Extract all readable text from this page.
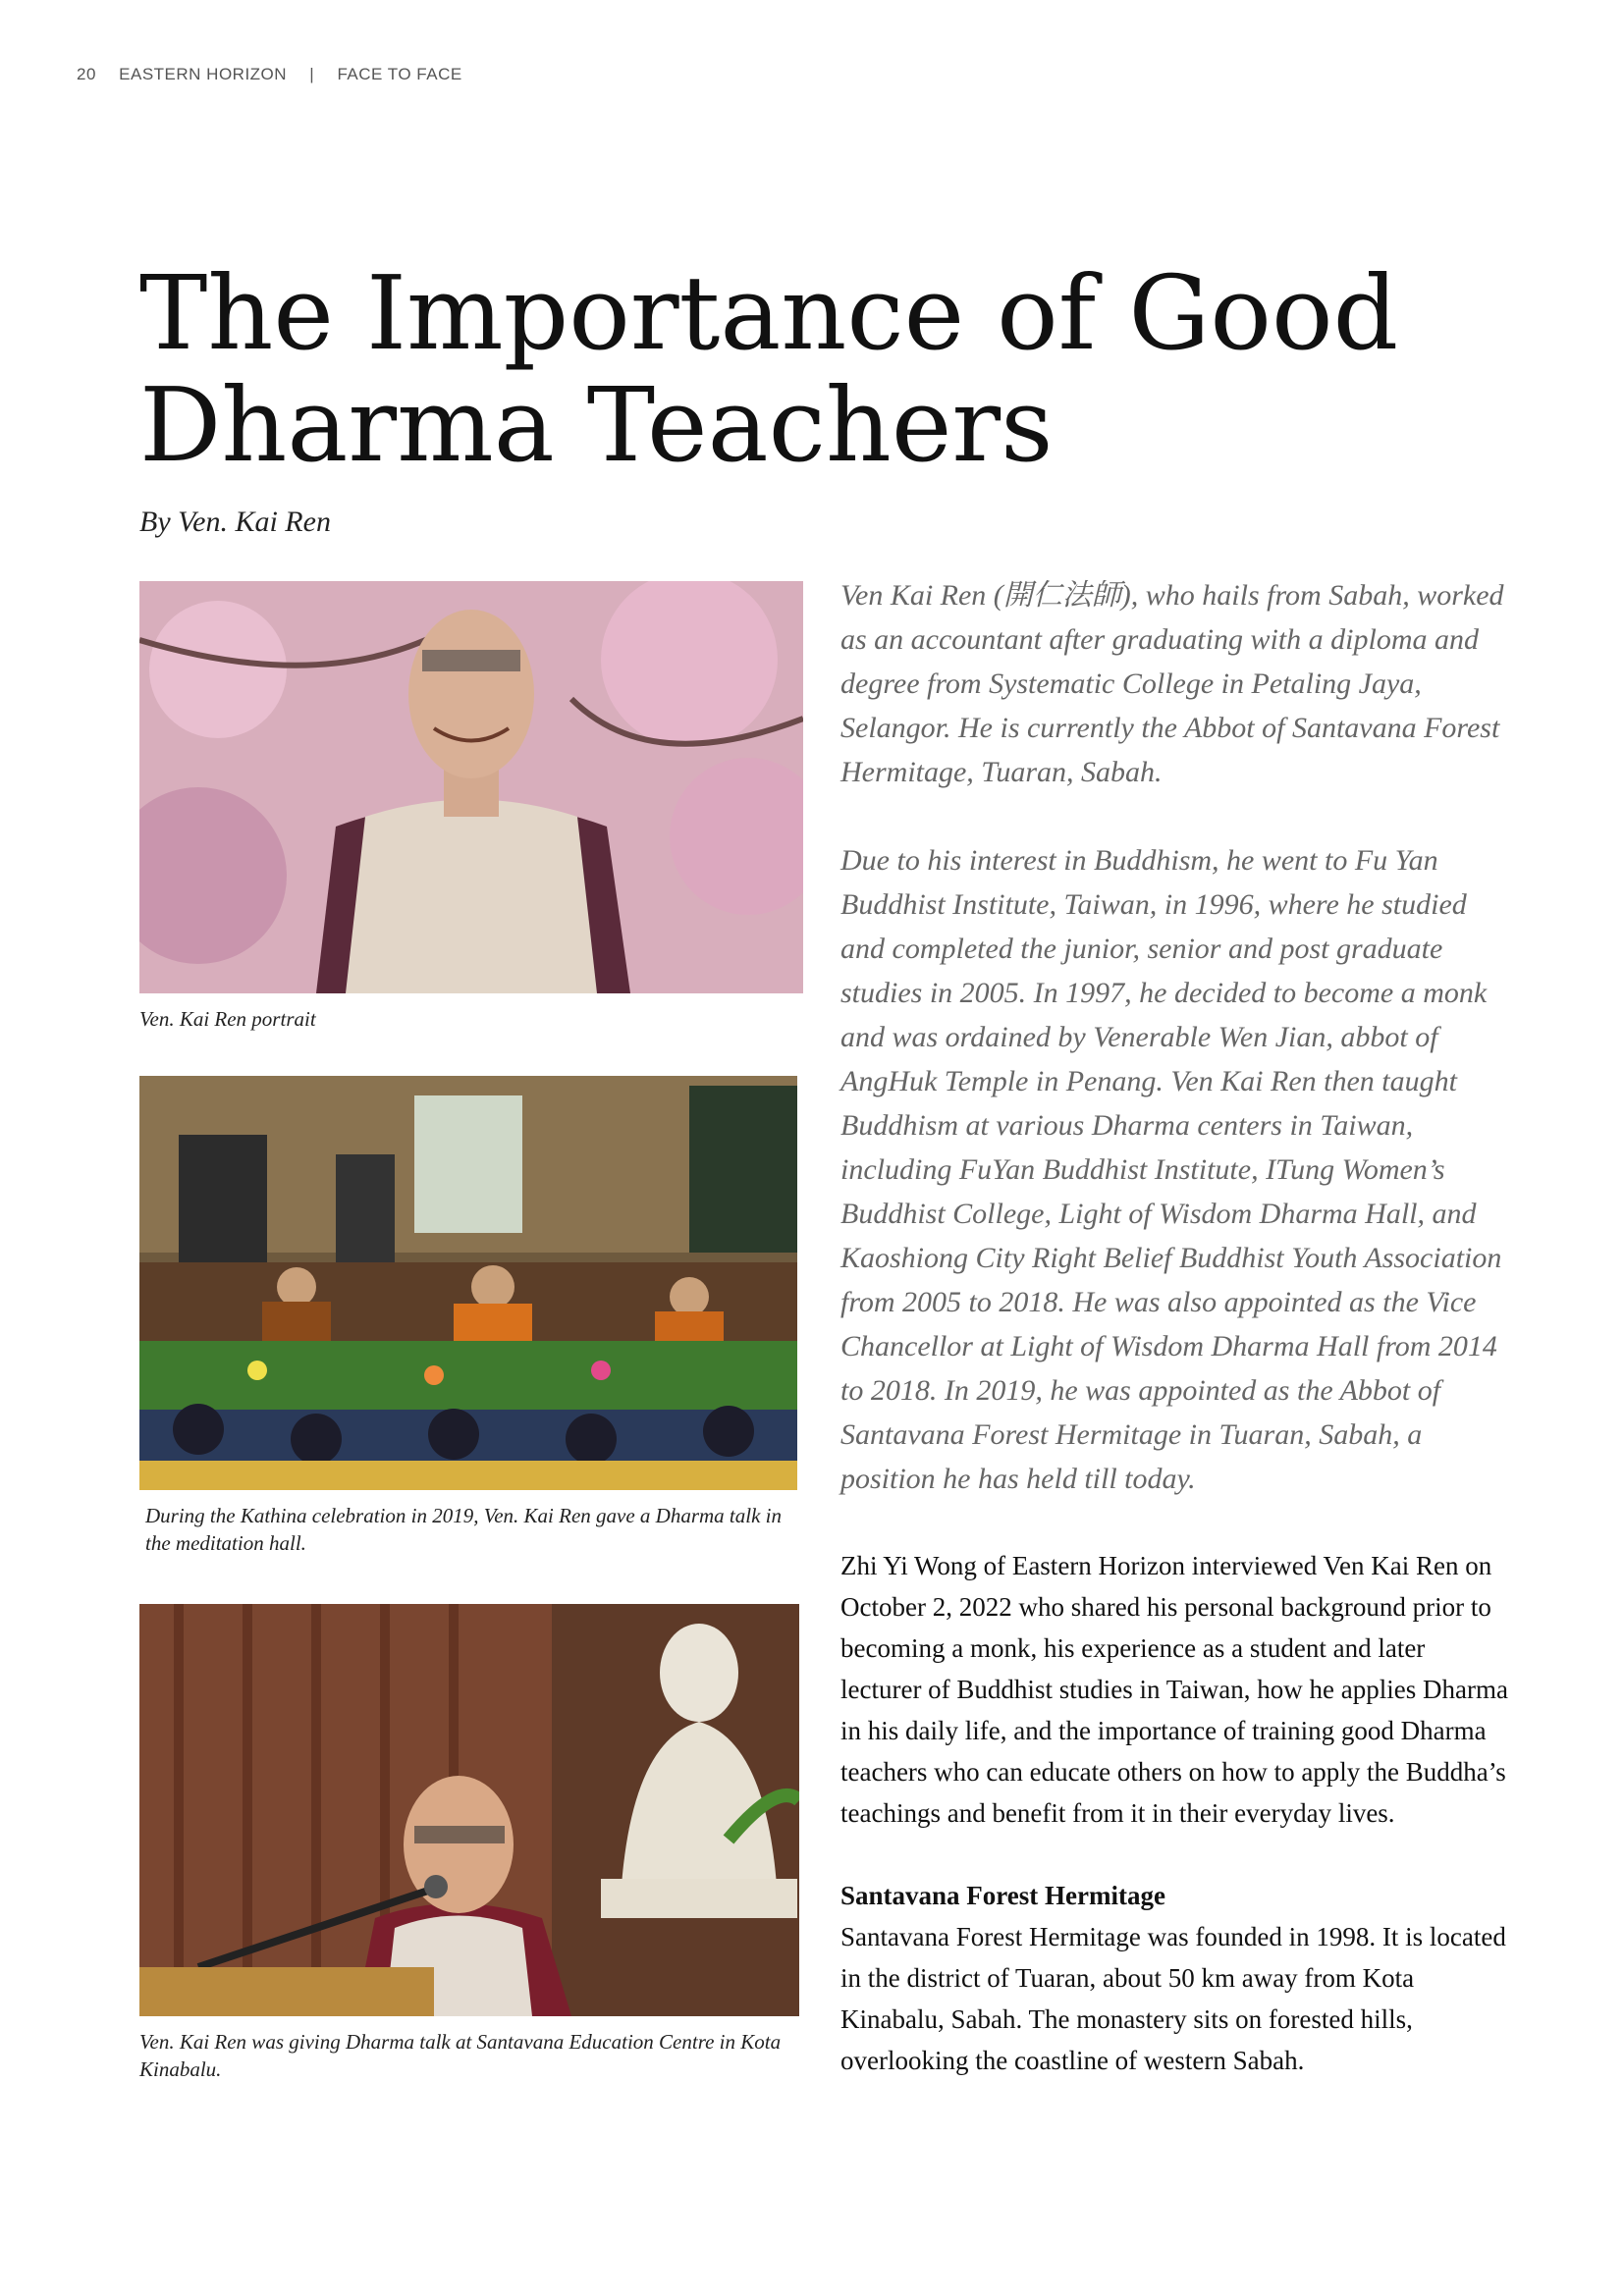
20 EASTERN HORIZON | FACE TO FACE
The Importance of Good
Dharma Teachers
By Ven. Kai Ren
Ven. Kai Ren portrait
During the Kathina celebration in 2019, Ven. Kai Ren gave a Dharma talk in the meditation hall.
Ven. Kai Ren was giving Dharma talk at Santavana Education Centre in Kota Kinabalu.

Ven Kai Ren (開仁法師), who hails from Sabah, worked as an accountant after graduating with a diploma and degree from Systematic College in Petaling Jaya, Selangor. He is currently the Abbot of Santavana Forest Hermitage, Tuaran, Sabah.

Due to his interest in Buddhism, he went to Fu Yan Buddhist Institute, Taiwan, in 1996, where he studied and completed the junior, senior and post graduate studies in 2005. In 1997, he decided to become a monk and was ordained by Venerable Wen Jian, abbot of AngHuk Temple in Penang. Ven Kai Ren then taught Buddhism at various Dharma centers in Taiwan, including FuYan Buddhist Institute, ITung Women’s Buddhist College, Light of Wisdom Dharma Hall, and Kaoshiong City Right Belief Buddhist Youth Association from 2005 to 2018. He was also appointed as the Vice Chancellor at Light of Wisdom Dharma Hall from 2014 to 2018. In 2019, he was appointed as the Abbot of Santavana Forest Hermitage in Tuaran, Sabah, a position he has held till today.

Zhi Yi Wong of Eastern Horizon interviewed Ven Kai Ren on October 2, 2022 who shared his personal background prior to becoming a monk, his experience as a student and later lecturer of Buddhist studies in Taiwan, how he applies Dharma in his daily life, and the importance of training good Dharma teachers who can educate others on how to apply the Buddha’s teachings and benefit from it in their everyday lives.

Santavana Forest Hermitage

Santavana Forest Hermitage was founded in 1998. It is located in the district of Tuaran, about 50 km away from Kota Kinabalu, Sabah. The monastery sits on forested hills, overlooking the coastline of western Sabah.
